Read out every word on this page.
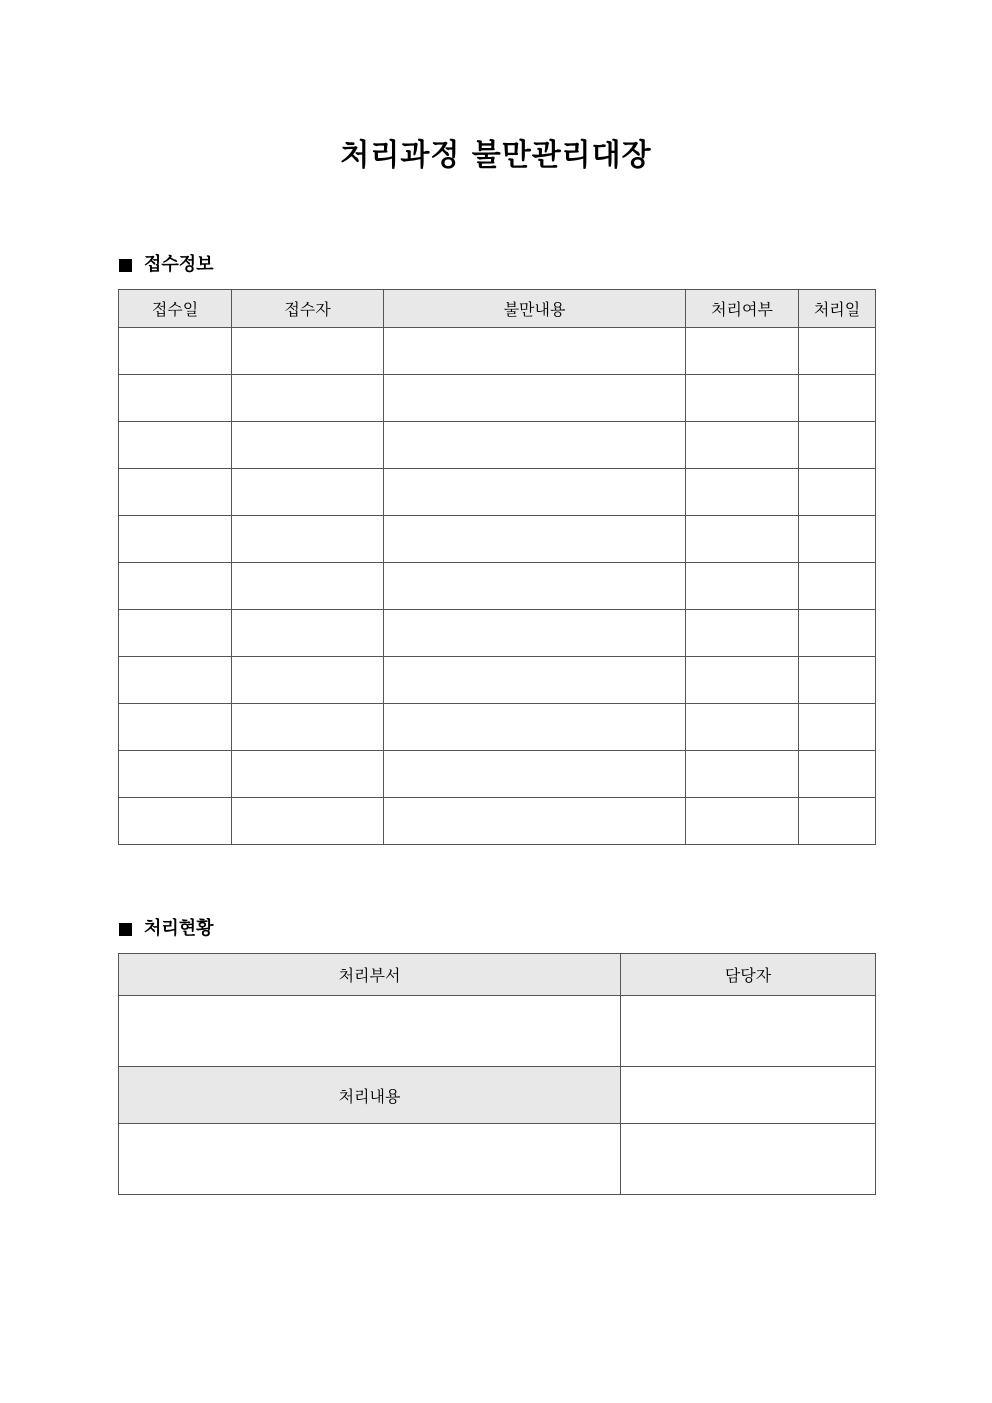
처리과정 불만관리대장
접수정보
접수일	접수자	불만내용	처리여부	처리일

처리현황
처리부서	담당자

처리내용	
